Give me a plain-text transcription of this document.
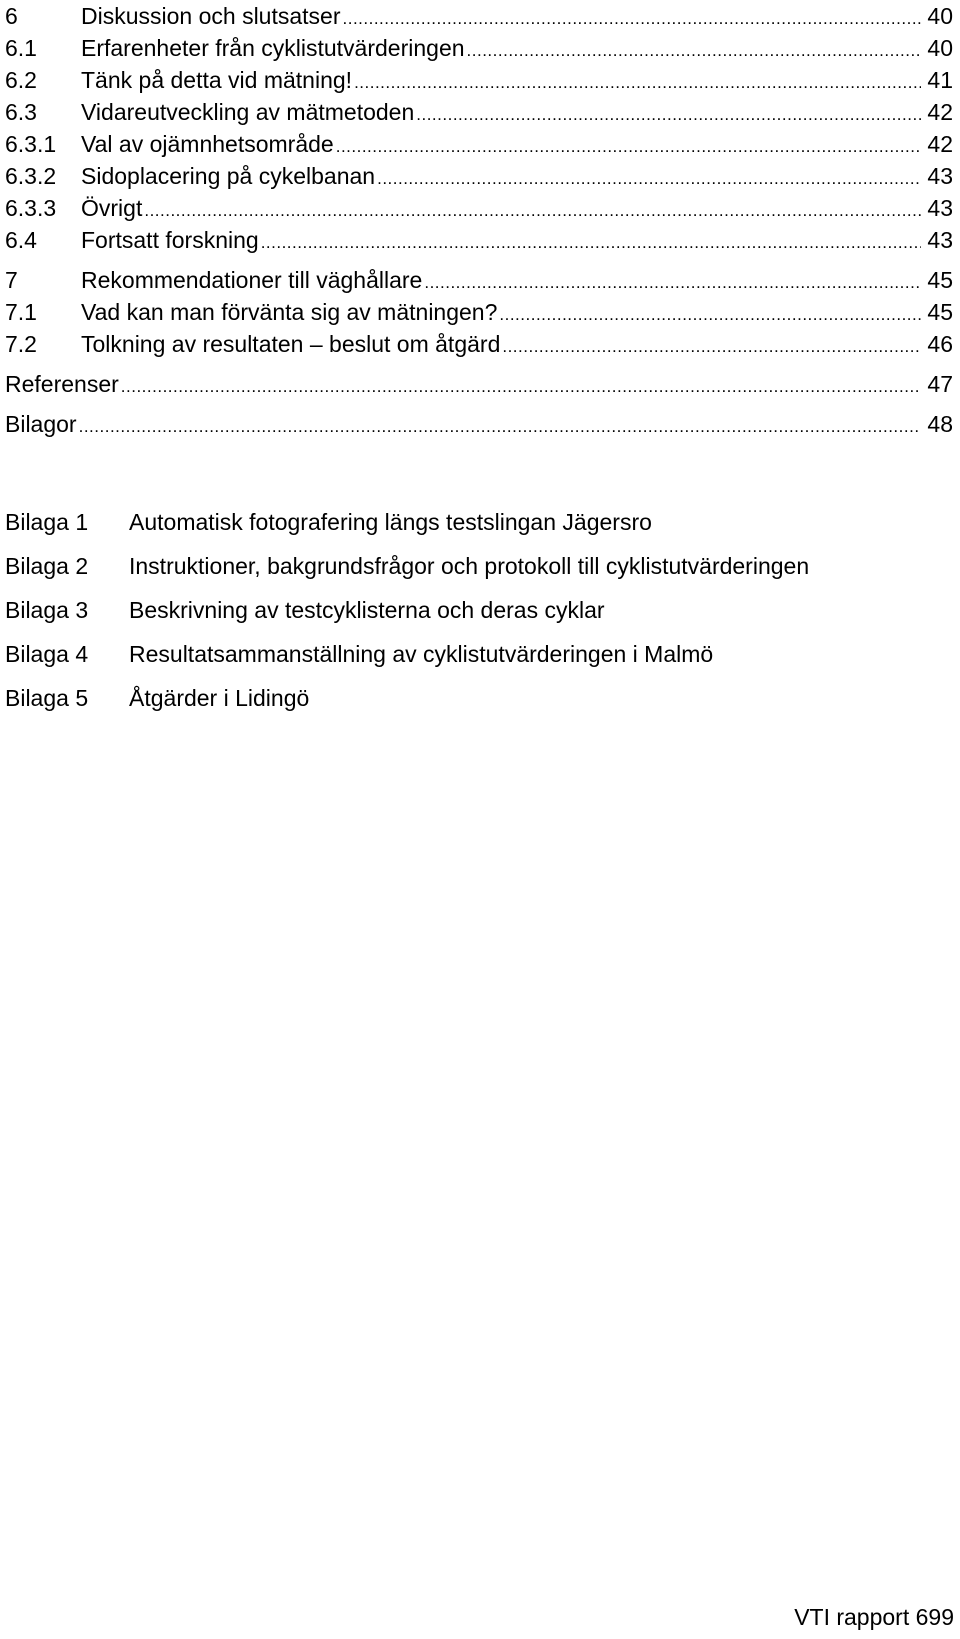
6	Diskussion och slutsatser .....	40
6.1	Erfarenheter från cyklistutvärderingen .....	40
6.2	Tänk på detta vid mätning! .....	41
6.3	Vidareutveckling av mätmetoden .....	42
6.3.1	Val av ojämnhetsområde .....	42
6.3.2	Sidoplacering på cykelbanan .....	43
6.3.3	Övrigt .....	43
6.4	Fortsatt forskning .....	43
7	Rekommendationer till väghållare .....	45
7.1	Vad kan man förvänta sig av mätningen? .....	45
7.2	Tolkning av resultaten – beslut om åtgärd .....	46
Referenser .....	47
Bilagor .....	48
Bilaga 1	Automatisk fotografering längs testslingan Jägersro
Bilaga 2	Instruktioner, bakgrundsfrågor och protokoll till cyklistutvärderingen
Bilaga 3	Beskrivning av testcyklisterna och deras cyklar
Bilaga 4	Resultatsammanställning av cyklistutvärderingen i Malmö
Bilaga 5	Åtgärder i Lidingö
VTI rapport 699
